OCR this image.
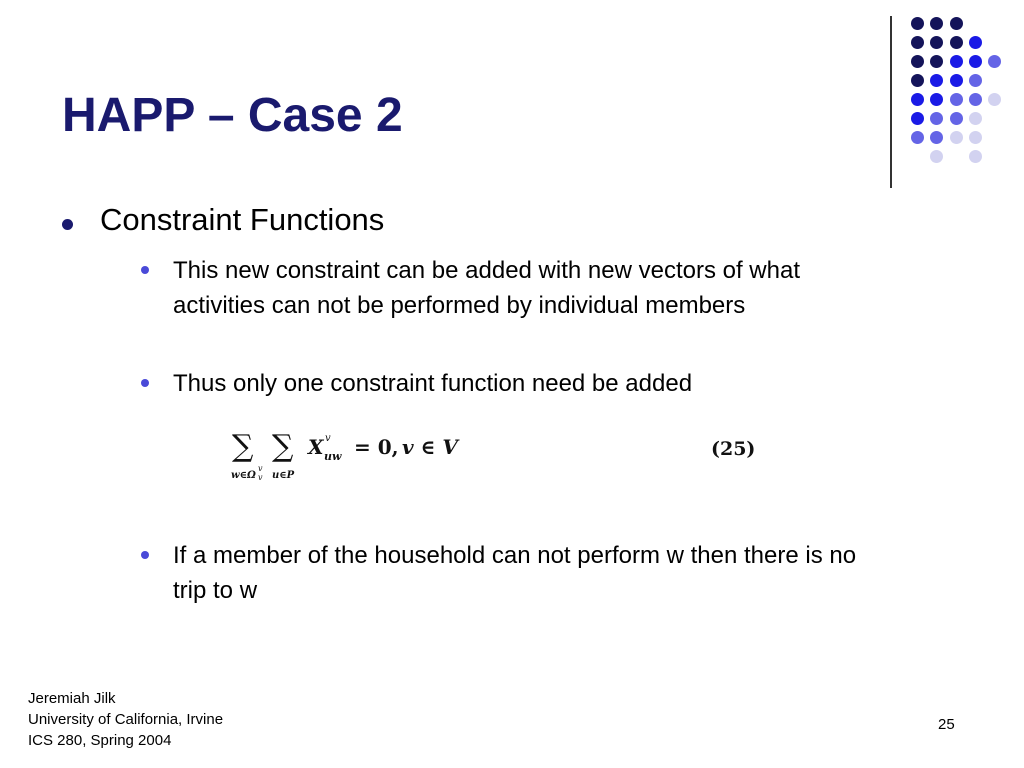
HAPP – Case 2
Constraint Functions
This new constraint can be added with new vectors of what activities can not be performed by individual members
Thus only one constraint function need be added
∑
w∈Ω
v
v
∑
u∈P
X v
uw = 0, v ∈ V	(25)
If a member of the household can not perform w then there is no trip to w
Jeremiah Jilk
University of California, Irvine
ICS 280, Spring 2004
25
